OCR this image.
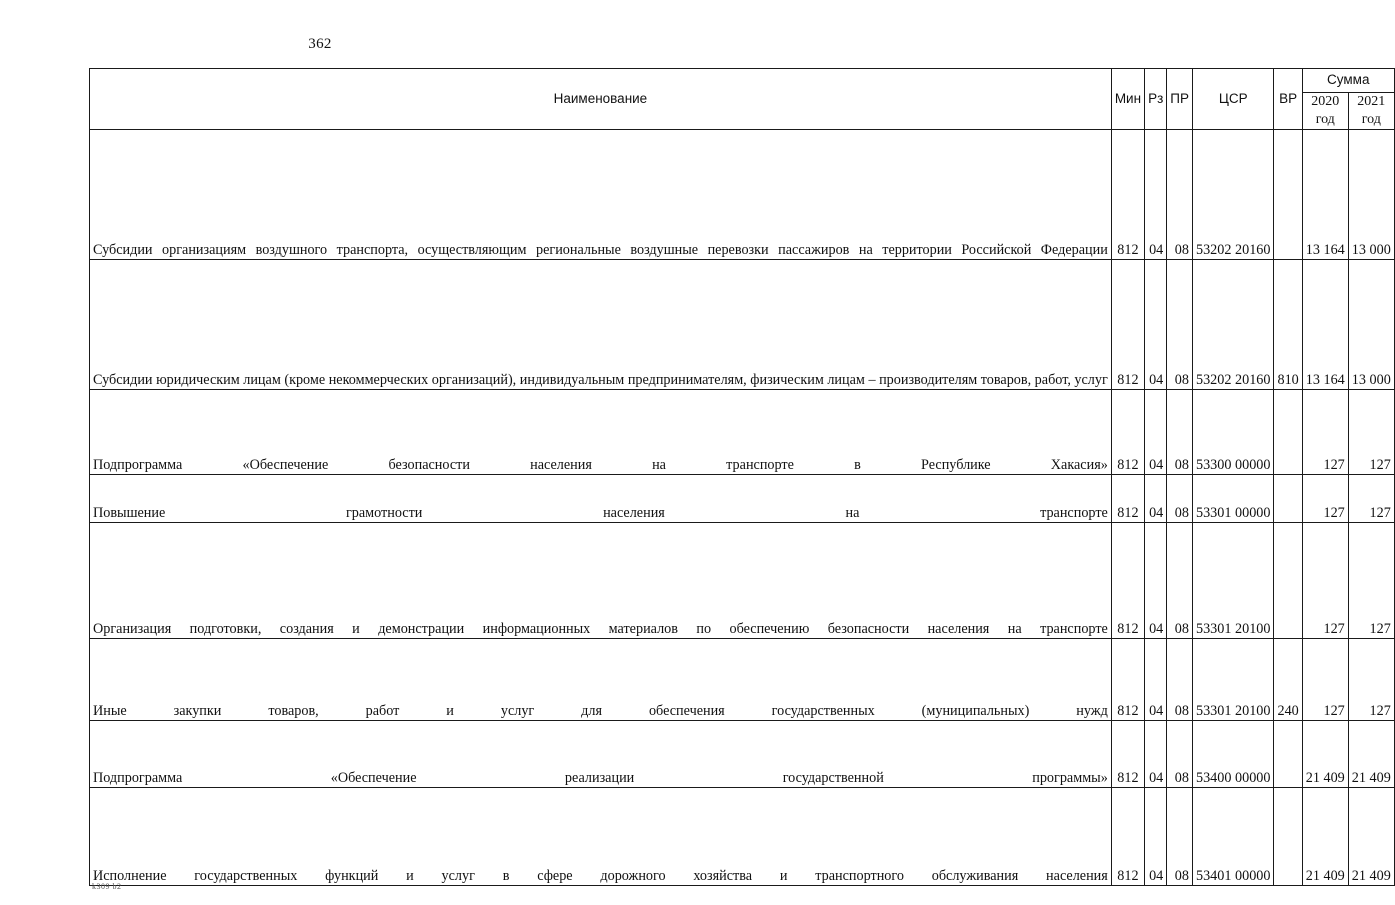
362
Наименование	Мин	Рз	ПР	ЦСР	ВР	Сумма	
						2020 год	2021 год
Субсидии организациям воздушного транспорта, осуществляющим региональные воздушные перевозки пассажиров на территории Российской Федерации	812	04	08	53202 20160		13 164	13 000
Субсидии юридическим лицам (кроме некоммерческих организаций), индивидуальным предпринимателям, физическим лицам – производителям товаров, работ, услуг	812	04	08	53202 20160	810	13 164	13 000
Подпрограмма «Обеспечение безопасности населения на транспорте в Республике Хакасия»	812	04	08	53300 00000		127	127
Повышение грамотности населения на транспорте	812	04	08	53301 00000		127	127
Организация подготовки, создания и демонстрации информационных материалов по обеспечению безопасности населения на транспорте	812	04	08	53301 20100		127	127
Иные закупки товаров, работ и услуг для обеспечения государственных (муниципальных) нужд	812	04	08	53301 20100	240	127	127
Подпрограмма «Обеспечение реализации государственной программы»	812	04	08	53400 00000		21 409	21 409
Исполнение государственных функций и услуг в сфере дорожного хозяйства и транспортного обслуживания населения	812	04	08	53401 00000		21 409	21 409
k309 b2
